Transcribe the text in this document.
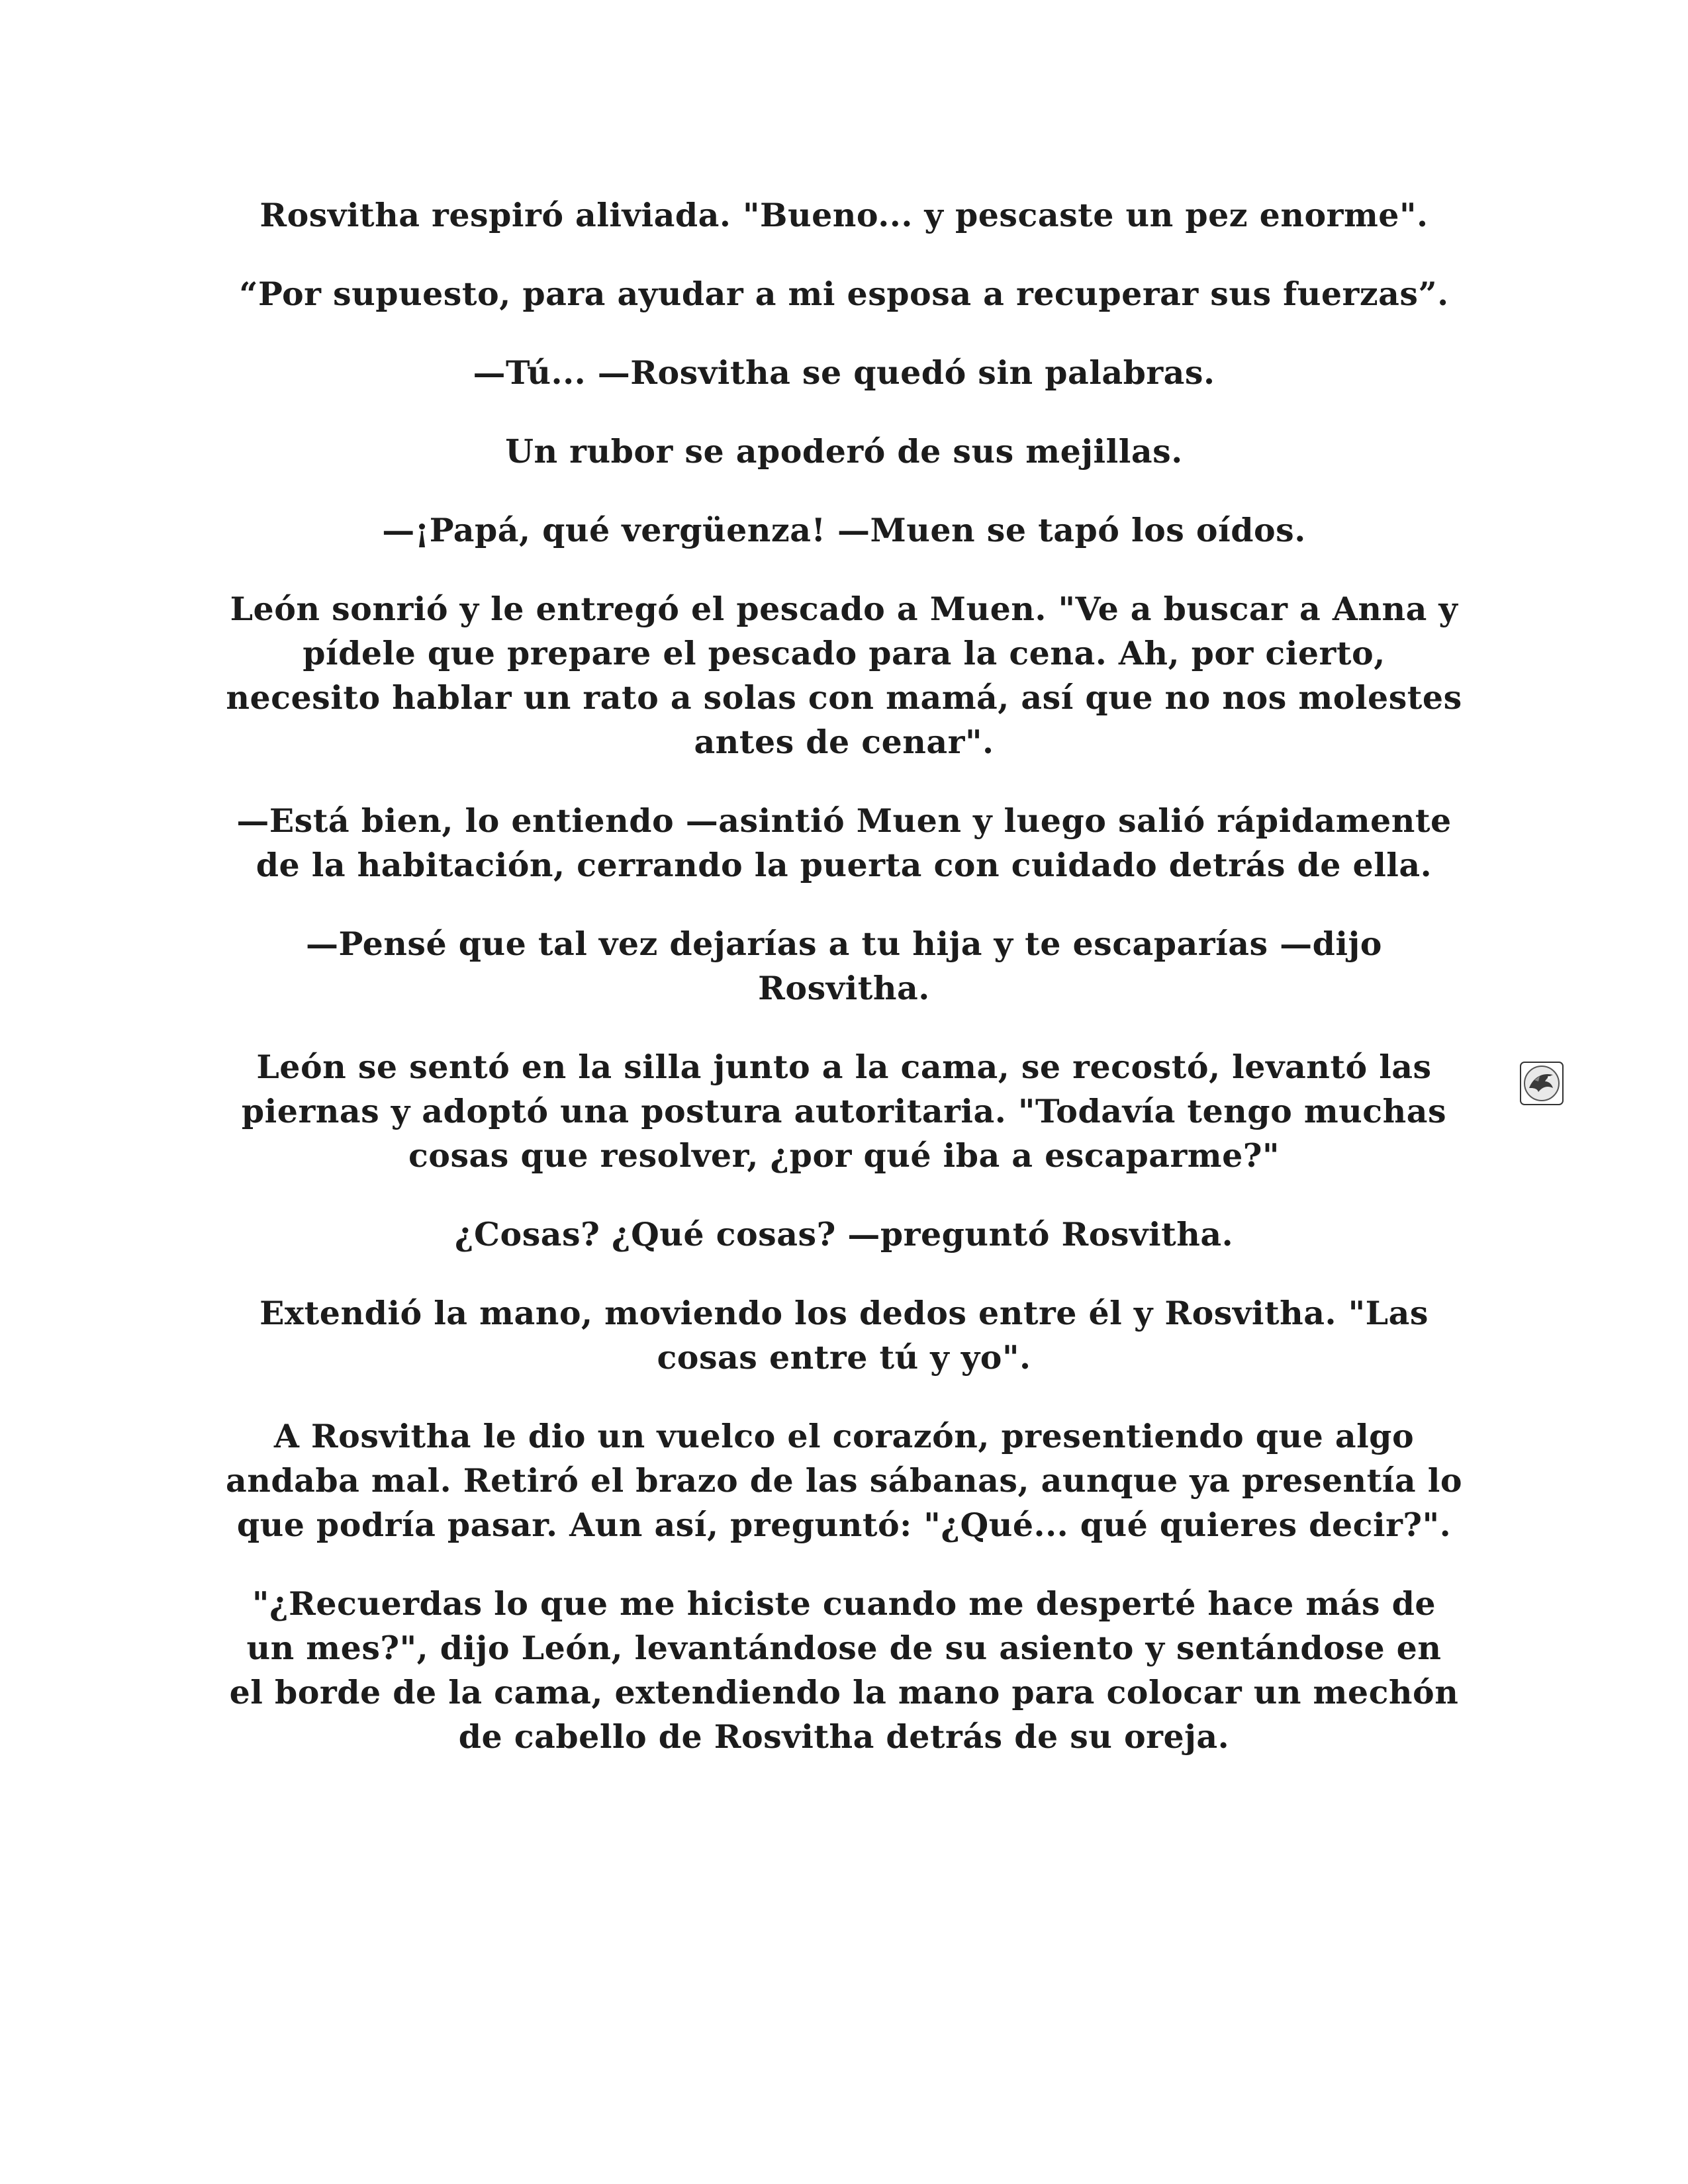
Rosvitha respiró aliviada. "Bueno... y pescaste un pez enorme".

“Por supuesto, para ayudar a mi esposa a recuperar sus fuerzas”.

—Tú... —Rosvitha se quedó sin palabras.

Un rubor se apoderó de sus mejillas.

—¡Papá, qué vergüenza! —Muen se tapó los oídos.

León sonrió y le entregó el pescado a Muen. "Ve a buscar a Anna y pídele que prepare el pescado para la cena. Ah, por cierto, necesito hablar un rato a solas con mamá, así que no nos molestes antes de cenar".

—Está bien, lo entiendo —asintió Muen y luego salió rápidamente de la habitación, cerrando la puerta con cuidado detrás de ella.

—Pensé que tal vez dejarías a tu hija y te escaparías —dijo Rosvitha.

León se sentó en la silla junto a la cama, se recostó, levantó las piernas y adoptó una postura autoritaria. "Todavía tengo muchas cosas que resolver, ¿por qué iba a escaparme?"

¿Cosas? ¿Qué cosas? —preguntó Rosvitha.

Extendió la mano, moviendo los dedos entre él y Rosvitha. "Las cosas entre tú y yo".

A Rosvitha le dio un vuelco el corazón, presentiendo que algo andaba mal. Retiró el brazo de las sábanas, aunque ya presentía lo que podría pasar. Aun así, preguntó: "¿Qué... qué quieres decir?".

"¿Recuerdas lo que me hiciste cuando me desperté hace más de un mes?", dijo León, levantándose de su asiento y sentándose en el borde de la cama, extendiendo la mano para colocar un mechón de cabello de Rosvitha detrás de su oreja.
